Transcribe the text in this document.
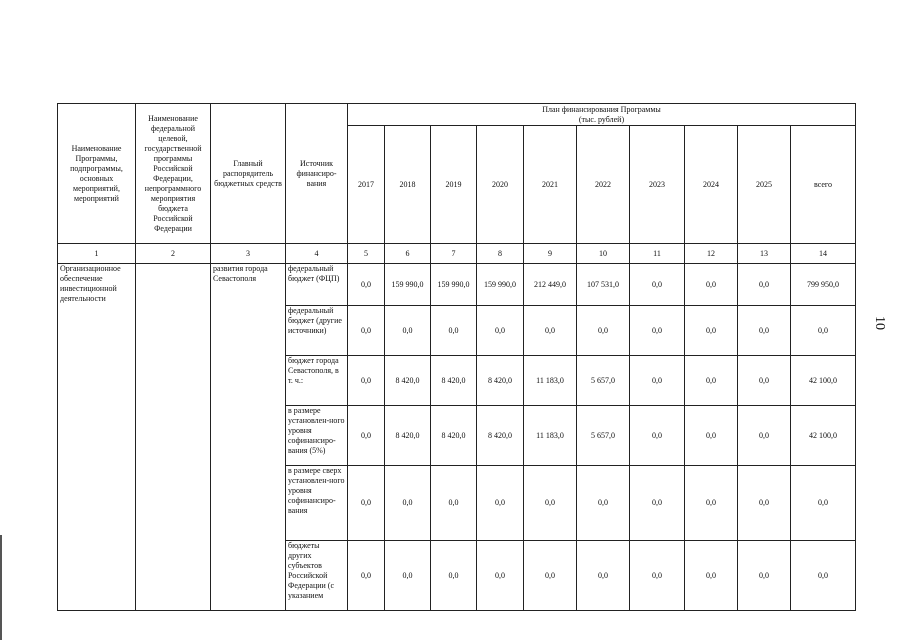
Наименование Программы, подпрограммы, основных мероприятий, мероприятий	Наименование федеральной целевой, государственной программы Российской Федерации, непрограммного мероприятия бюджета Российской Федерации	Главный распорядитель бюджетных средств	Источник финансиро-вания	План финансирования Программы
(тыс. рублей)									

				2017	2018	2019	2020	2021	2022	2023	2024	2025	всего
1	2	3	4	5	6	7	8	9	10	11	12	13	14
Организационное обеспечение инвестиционной деятельности		развития города Севастополя	федеральный бюджет (ФЦП)	0,0	159 990,0	159 990,0	159 990,0	212 449,0	107 531,0	0,0	0,0	0,0	799 950,0
			федеральный бюджет (другие источники)	0,0	0,0	0,0	0,0	0,0	0,0	0,0	0,0	0,0	0,0
			бюджет города Севастополя, в т. ч.:	0,0	8 420,0	8 420,0	8 420,0	11 183,0	5 657,0	0,0	0,0	0,0	42 100,0
			в размере установлен-ного уровня софинансиро-вания (5%)	0,0	8 420,0	8 420,0	8 420,0	11 183,0	5 657,0	0,0	0,0	0,0	42 100,0
			в размере сверх установлен-ного уровня софинансиро-вания	0,0	0,0	0,0	0,0	0,0	0,0	0,0	0,0	0,0	0,0
			бюджеты других субъектов Российской Федерации (с указанием	0,0	0,0	0,0	0,0	0,0	0,0	0,0	0,0	0,0	0,0
10
